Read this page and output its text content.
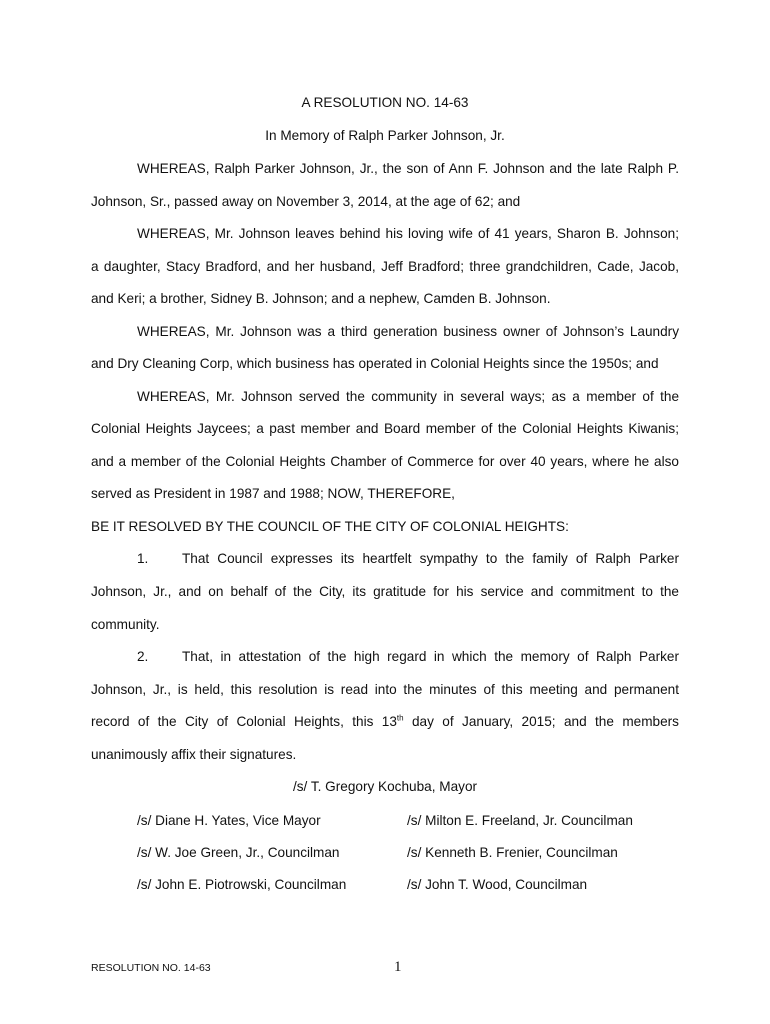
A RESOLUTION NO. 14-63
In Memory of Ralph Parker Johnson, Jr.
WHEREAS, Ralph Parker Johnson, Jr., the son of Ann F. Johnson and the late Ralph P.
Johnson, Sr., passed away on November 3, 2014, at the age of 62; and
WHEREAS, Mr. Johnson leaves behind his loving wife of 41 years, Sharon B. Johnson;
a daughter, Stacy Bradford, and her husband, Jeff Bradford; three grandchildren, Cade, Jacob,
and Keri; a brother, Sidney B. Johnson; and a nephew, Camden B. Johnson.
WHEREAS, Mr. Johnson was a third generation business owner of Johnson’s Laundry
and Dry Cleaning Corp, which business has operated in Colonial Heights since the 1950s; and
WHEREAS, Mr. Johnson served the community in several ways; as a member of the
Colonial Heights Jaycees; a past member and Board member of the Colonial Heights Kiwanis;
and a member of the Colonial Heights Chamber of Commerce for over 40 years, where he also
served as President in 1987 and 1988; NOW, THEREFORE,
BE IT RESOLVED BY THE COUNCIL OF THE CITY OF COLONIAL HEIGHTS:
1. That Council expresses its heartfelt sympathy to the family of Ralph Parker
Johnson, Jr., and on behalf of the City, its gratitude for his service and commitment to the
community.
2. That, in attestation of the high regard in which the memory of Ralph Parker
Johnson, Jr., is held, this resolution is read into the minutes of this meeting and permanent
record of the City of Colonial Heights, this 13th day of January, 2015; and the members
unanimously affix their signatures.
/s/ T. Gregory Kochuba, Mayor
/s/ Diane H. Yates, Vice Mayor	/s/ Milton E. Freeland, Jr. Councilman
/s/ W. Joe Green, Jr., Councilman	/s/ Kenneth B. Frenier, Councilman
/s/ John E. Piotrowski, Councilman	/s/ John T. Wood, Councilman
RESOLUTION NO. 14-63	1
